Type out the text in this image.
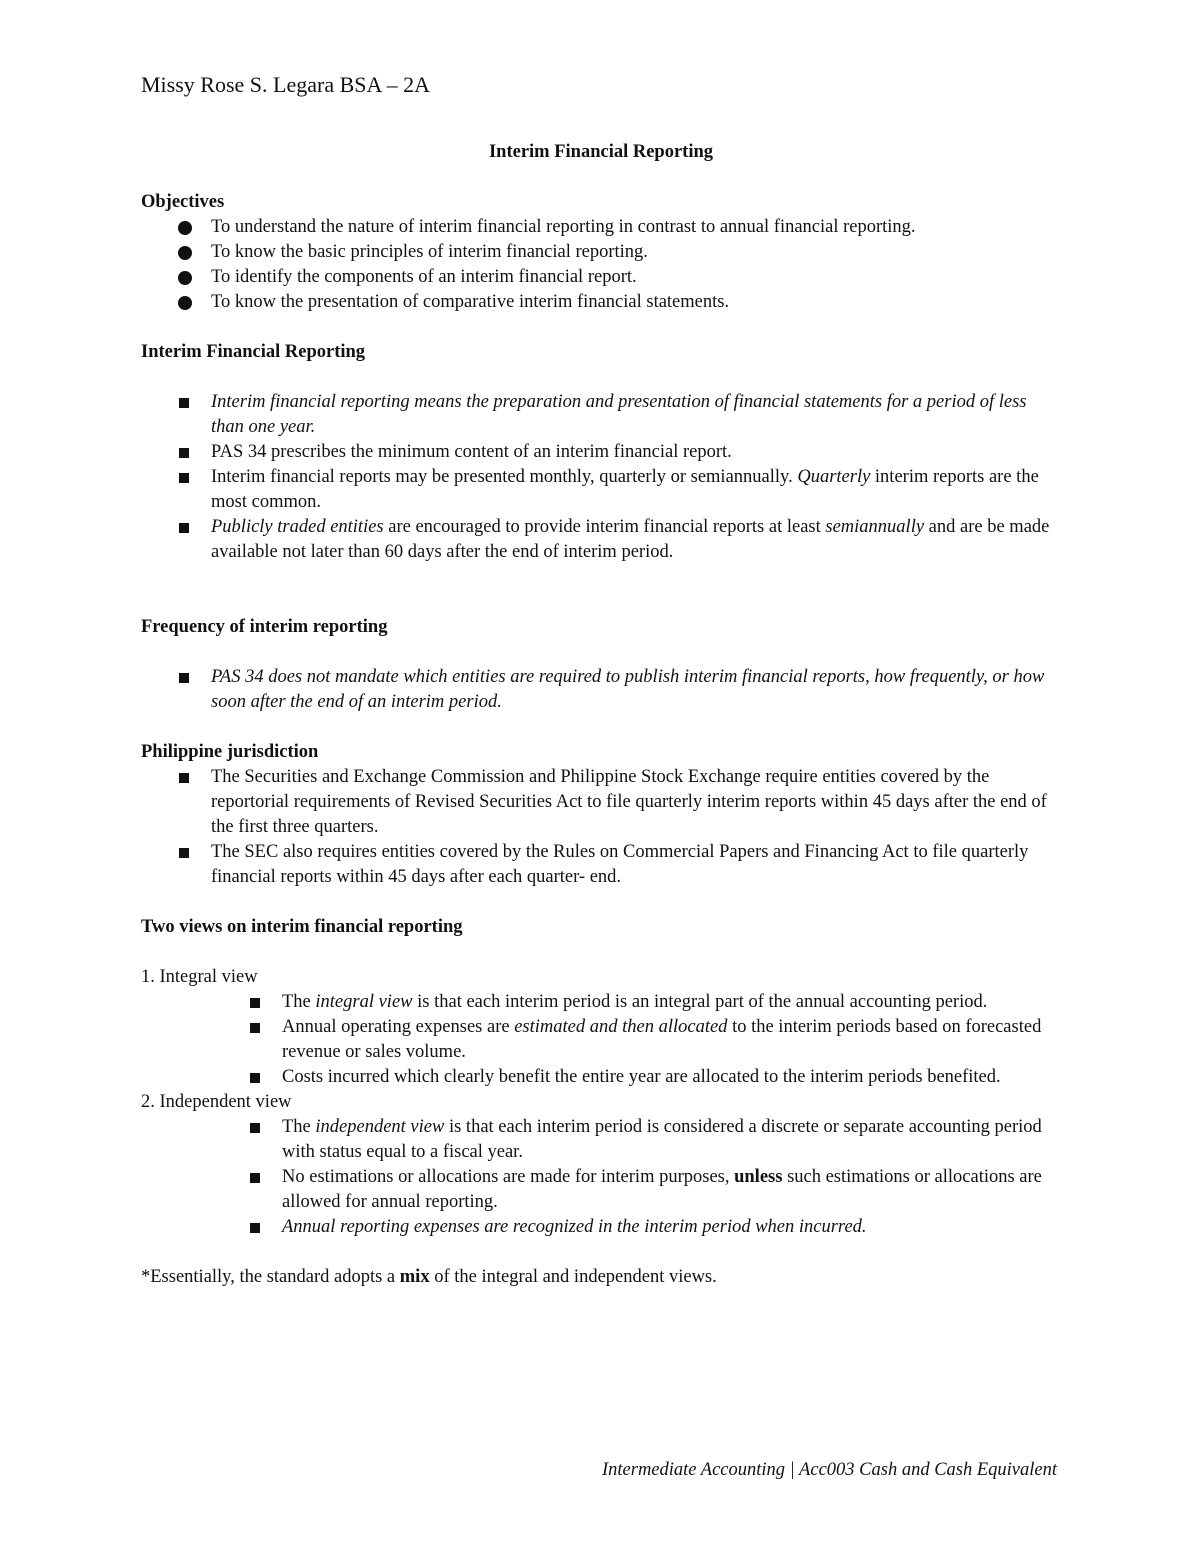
Missy Rose S. Legara BSA – 2A

Interim Financial Reporting

Objectives
To understand the nature of interim financial reporting in contrast to annual financial reporting.
To know the basic principles of interim financial reporting.
To identify the components of an interim financial report.
To know the presentation of comparative interim financial statements.
Interim Financial Reporting
Interim financial reporting means the preparation and presentation of financial statements for a period of less than one year.
PAS 34 prescribes the minimum content of an interim financial report.
Interim financial reports may be presented monthly, quarterly or semiannually. Quarterly interim reports are the most common.
Publicly traded entities are encouraged to provide interim financial reports at least semiannually and are be made available not later than 60 days after the end of interim period.
Frequency of interim reporting
PAS 34 does not mandate which entities are required to publish interim financial reports, how frequently, or how soon after the end of an interim period.
Philippine jurisdiction
The Securities and Exchange Commission and Philippine Stock Exchange require entities covered by the reportorial requirements of Revised Securities Act to file quarterly interim reports within 45 days after the end of the first three quarters.
The SEC also requires entities covered by the Rules on Commercial Papers and Financing Act to file quarterly financial reports within 45 days after each quarter- end.
Two views on interim financial reporting
1. Integral view
The integral view is that each interim period is an integral part of the annual accounting period.
Annual operating expenses are estimated and then allocated to the interim periods based on forecasted revenue or sales volume.
Costs incurred which clearly benefit the entire year are allocated to the interim periods benefited.
2. Independent view
The independent view is that each interim period is considered a discrete or separate accounting period with status equal to a fiscal year.
No estimations or allocations are made for interim purposes, unless such estimations or allocations are allowed for annual reporting.
Annual reporting expenses are recognized in the interim period when incurred.
*Essentially, the standard adopts a mix of the integral and independent views.
Intermediate Accounting | Acc003 Cash and Cash Equivalent
